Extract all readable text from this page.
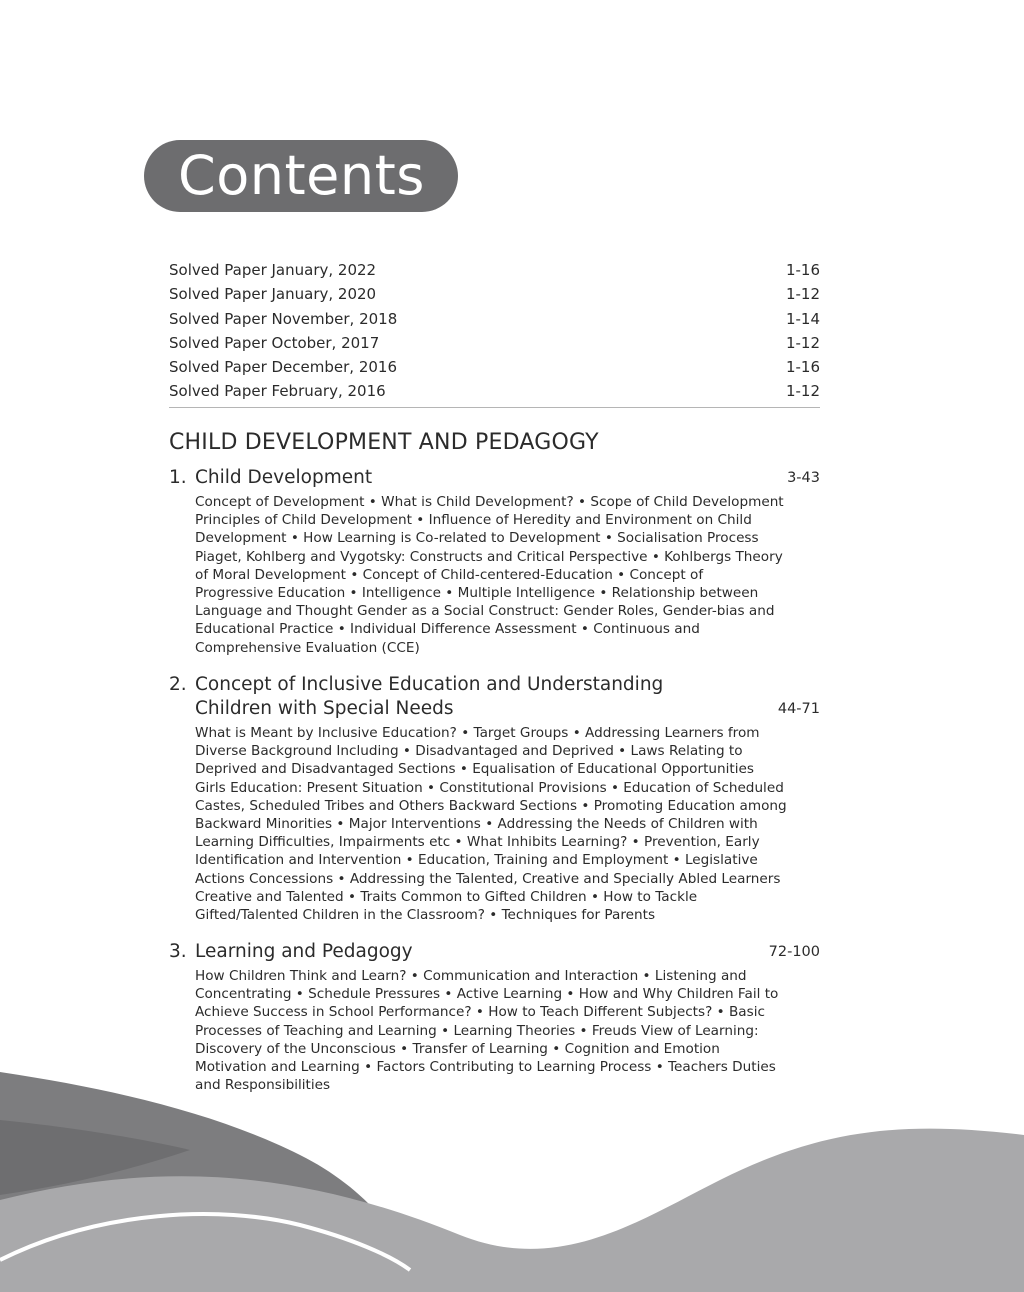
Contents
Solved Paper January, 2022	1-16
Solved Paper January, 2020	1-12
Solved Paper November, 2018	1-14
Solved Paper October, 2017	1-12
Solved Paper December, 2016	1-16
Solved Paper February, 2016	1-12
CHILD DEVELOPMENT AND PEDAGOGY
1. Child Development	3-43
Concept of Development • What is Child Development? • Scope of Child Development
Principles of Child Development • Influence of Heredity and Environment on Child
Development • How Learning is Co-related to Development • Socialisation Process
Piaget, Kohlberg and Vygotsky: Constructs and Critical Perspective • Kohlbergs Theory
of Moral Development • Concept of Child-centered-Education • Concept of
Progressive Education • Intelligence • Multiple Intelligence • Relationship between
Language and Thought Gender as a Social Construct: Gender Roles, Gender-bias and
Educational Practice • Individual Difference Assessment • Continuous and
Comprehensive Evaluation (CCE)
2. Concept of Inclusive Education and Understanding
Children with Special Needs	44-71
What is Meant by Inclusive Education? • Target Groups • Addressing Learners from
Diverse Background Including • Disadvantaged and Deprived • Laws Relating to
Deprived and Disadvantaged Sections • Equalisation of Educational Opportunities
Girls Education: Present Situation • Constitutional Provisions • Education of Scheduled
Castes, Scheduled Tribes and Others Backward Sections • Promoting Education among
Backward Minorities • Major Interventions • Addressing the Needs of Children with
Learning Difficulties, Impairments etc • What Inhibits Learning? • Prevention, Early
Identification and Intervention • Education, Training and Employment • Legislative
Actions Concessions • Addressing the Talented, Creative and Specially Abled Learners
Creative and Talented • Traits Common to Gifted Children • How to Tackle
Gifted/Talented Children in the Classroom? • Techniques for Parents
3. Learning and Pedagogy	72-100
How Children Think and Learn? • Communication and Interaction • Listening and
Concentrating • Schedule Pressures • Active Learning • How and Why Children Fail to
Achieve Success in School Performance? • How to Teach Different Subjects? • Basic
Processes of Teaching and Learning • Learning Theories • Freuds View of Learning:
Discovery of the Unconscious • Transfer of Learning • Cognition and Emotion
Motivation and Learning • Factors Contributing to Learning Process • Teachers Duties
and Responsibilities
